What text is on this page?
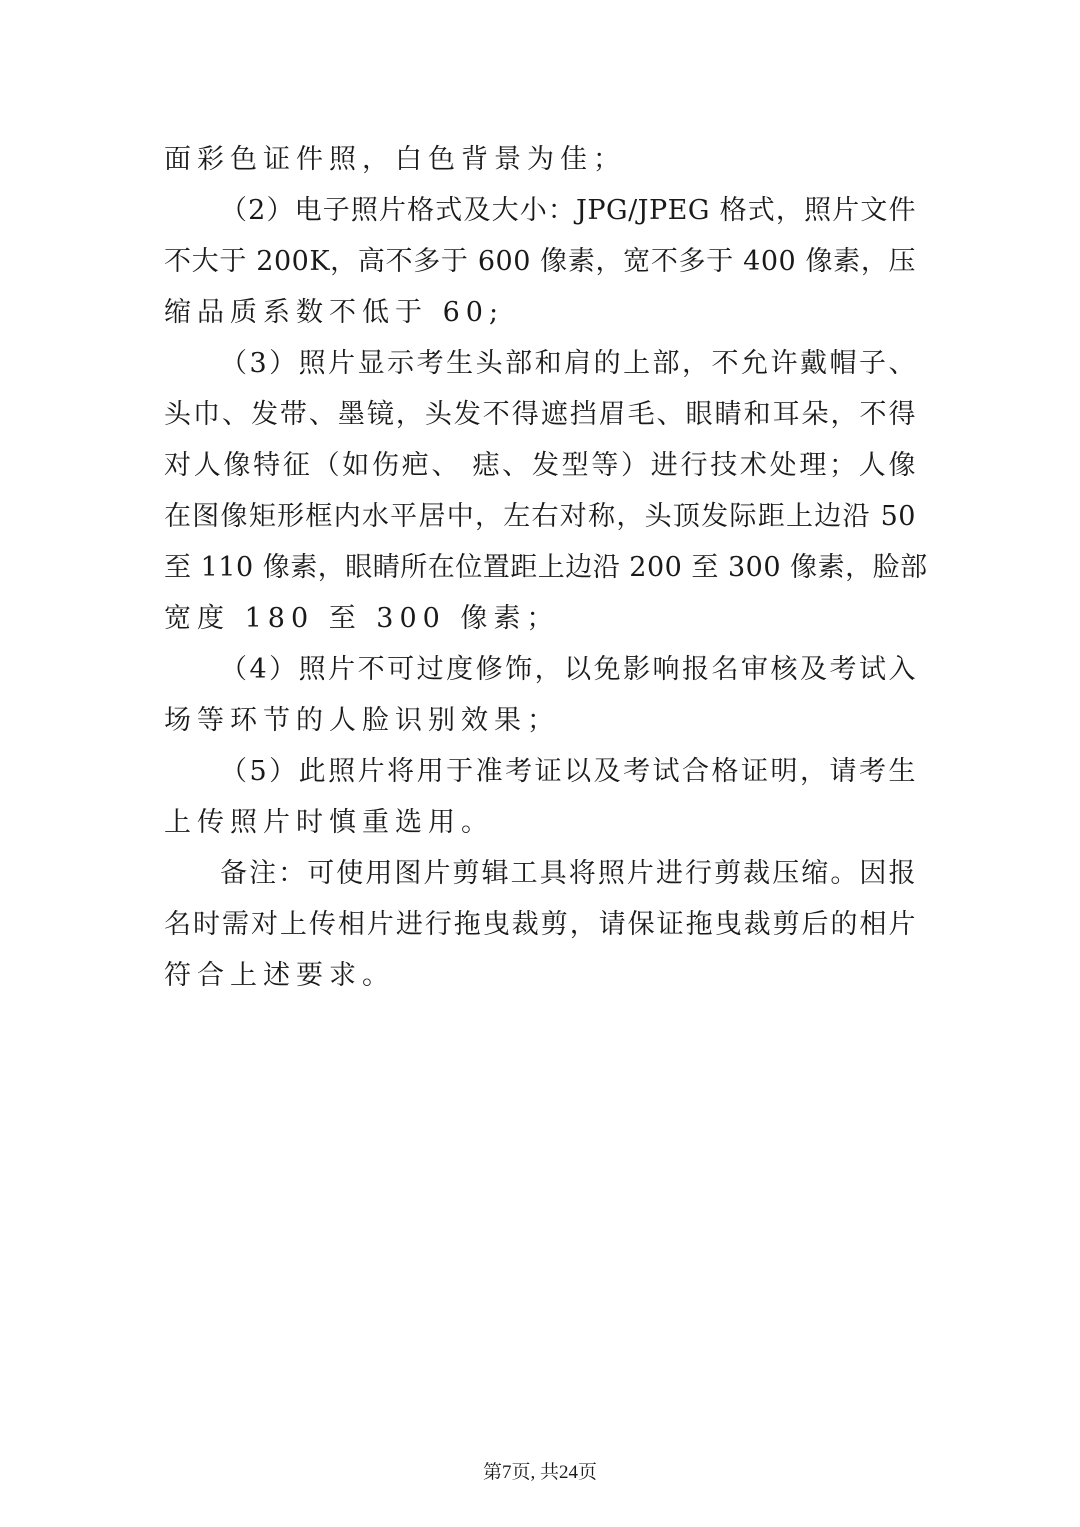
面彩色证件照，白色背景为佳；
（2）电子照片格式及大小：JPG/JPEG 格式，照片文件
不大于 200K，高不多于 600 像素，宽不多于 400 像素，压
缩品质系数不低于 60;
（3）照片显示考生头部和肩的上部，不允许戴帽子、
头巾、发带、墨镜，头发不得遮挡眉毛、眼睛和耳朵，不得
对人像特征（如伤疤、 痣、发型等）进行技术处理；人像
在图像矩形框内水平居中，左右对称，头顶发际距上边沿 50
至 110 像素，眼睛所在位置距上边沿 200 至 300 像素，脸部
宽度 180 至 300 像素；
（4）照片不可过度修饰，以免影响报名审核及考试入
场等环节的人脸识别效果；
（5）此照片将用于准考证以及考试合格证明，请考生
上传照片时慎重选用。
备注：可使用图片剪辑工具将照片进行剪裁压缩。因报
名时需对上传相片进行拖曳裁剪，请保证拖曳裁剪后的相片
符合上述要求。
第7页, 共24页
